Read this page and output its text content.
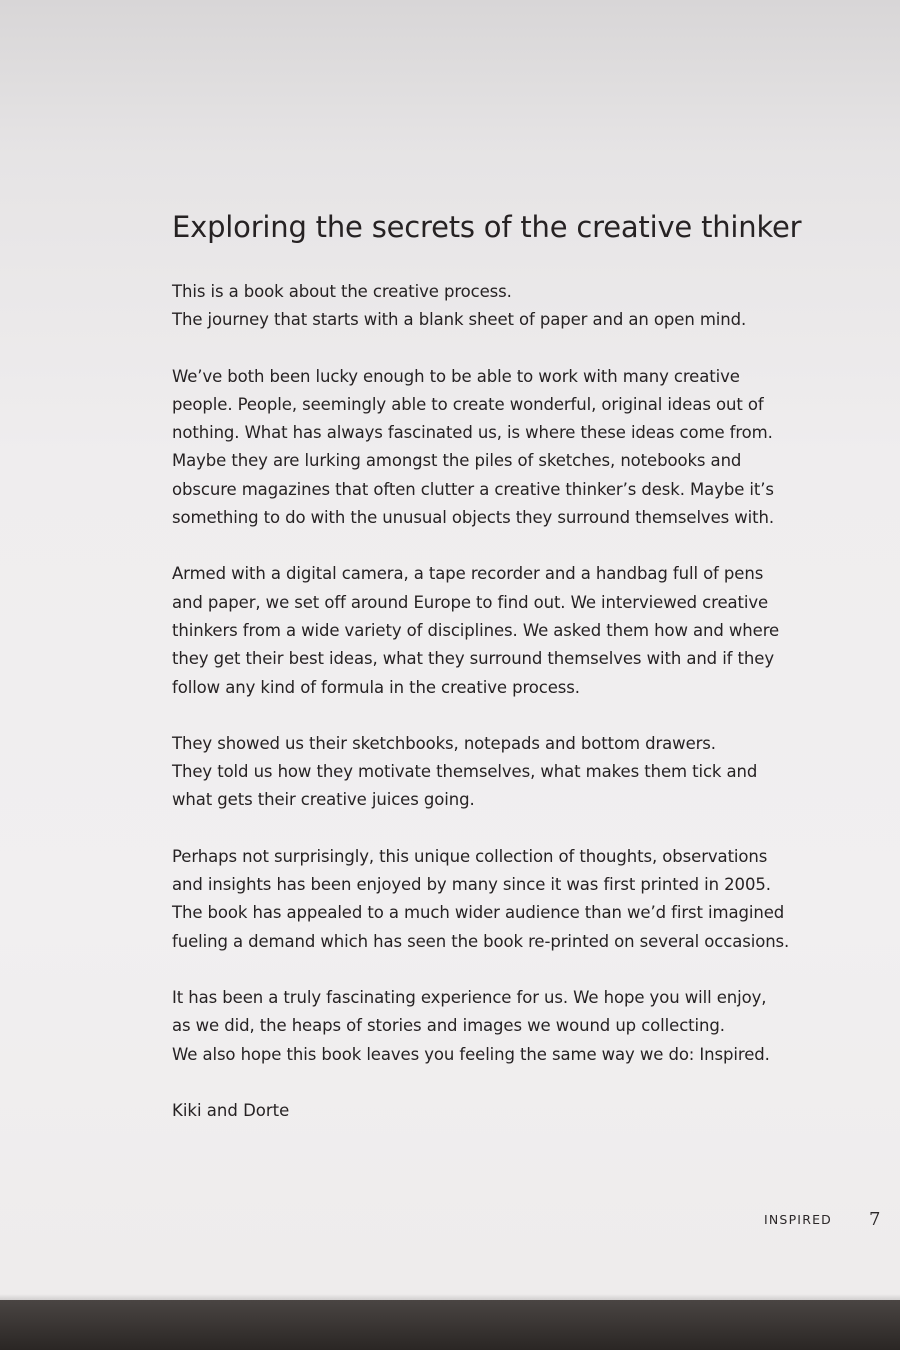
Exploring the secrets of the creative thinker

This is a book about the creative process.
The journey that starts with a blank sheet of paper and an open mind.

We’ve both been lucky enough to be able to work with many creative
people. People, seemingly able to create wonderful, original ideas out of
nothing. What has always fascinated us, is where these ideas come from.
Maybe they are lurking amongst the piles of sketches, notebooks and
obscure magazines that often clutter a creative thinker’s desk. Maybe it’s
something to do with the unusual objects they surround themselves with.

Armed with a digital camera, a tape recorder and a handbag full of pens
and paper, we set off around Europe to find out. We interviewed creative
thinkers from a wide variety of disciplines. We asked them how and where
they get their best ideas, what they surround themselves with and if they
follow any kind of formula in the creative process.

They showed us their sketchbooks, notepads and bottom drawers.
They told us how they motivate themselves, what makes them tick and
what gets their creative juices going.

Perhaps not surprisingly, this unique collection of thoughts, observations
and insights has been enjoyed by many since it was first printed in 2005.
The book has appealed to a much wider audience than we’d first imagined
fueling a demand which has seen the book re-printed on several occasions.

It has been a truly fascinating experience for us. We hope you will enjoy,
as we did, the heaps of stories and images we wound up collecting.
We also hope this book leaves you feeling the same way we do: Inspired.

Kiki and Dorte

INSPIRED 7
